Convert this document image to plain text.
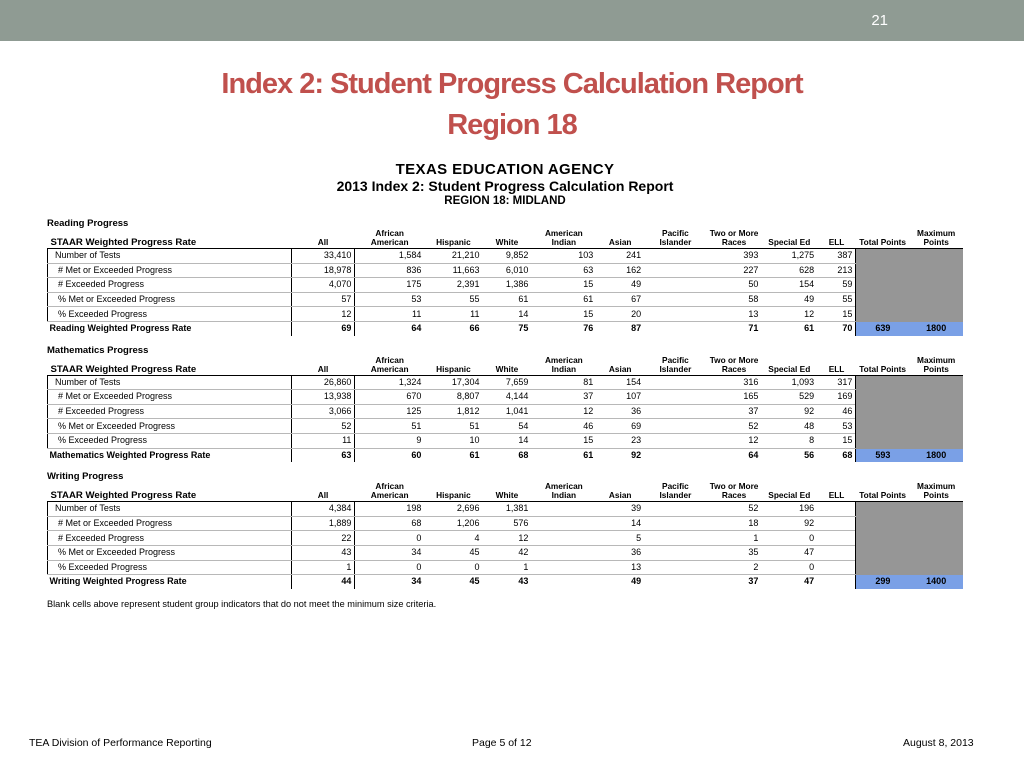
21
Index 2: Student Progress Calculation Report
Region 18
TEXAS EDUCATION AGENCY
2013 Index 2: Student Progress Calculation Report
REGION 18: MIDLAND
Reading Progress
STAAR Weighted Progress Rate	All	African American	Hispanic	White	American Indian	Asian	Pacific Islander	Two or More Races	Special Ed	ELL	Total Points	Maximum Points
Number of Tests	33,410	1,584	21,210	9,852	103	241		393	1,275	387		
# Met or Exceeded Progress	18,978	836	11,663	6,010	63	162		227	628	213		
# Exceeded Progress	4,070	175	2,391	1,386	15	49		50	154	59		
% Met or Exceeded Progress	57	53	55	61	61	67		58	49	55		
% Exceeded Progress	12	11	11	14	15	20		13	12	15		
Reading Weighted Progress Rate	69	64	66	75	76	87		71	61	70	639	1800
Mathematics Progress
STAAR Weighted Progress Rate	All	African American	Hispanic	White	American Indian	Asian	Pacific Islander	Two or More Races	Special Ed	ELL	Total Points	Maximum Points
Number of Tests	26,860	1,324	17,304	7,659	81	154		316	1,093	317		
# Met or Exceeded Progress	13,938	670	8,807	4,144	37	107		165	529	169		
# Exceeded Progress	3,066	125	1,812	1,041	12	36		37	92	46		
% Met or Exceeded Progress	52	51	51	54	46	69		52	48	53		
% Exceeded Progress	11	9	10	14	15	23		12	8	15		
Mathematics Weighted Progress Rate	63	60	61	68	61	92		64	56	68	593	1800
Writing Progress
STAAR Weighted Progress Rate	All	African American	Hispanic	White	American Indian	Asian	Pacific Islander	Two or More Races	Special Ed	ELL	Total Points	Maximum Points
Number of Tests	4,384	198	2,696	1,381		39		52	196			
# Met or Exceeded Progress	1,889	68	1,206	576		14		18	92			
# Exceeded Progress	22	0	4	12		5		1	0			
% Met or Exceeded Progress	43	34	45	42		36		35	47			
% Exceeded Progress	1	0	0	1		13		2	0			
Writing Weighted Progress Rate	44	34	45	43		49		37	47		299	1400
Blank cells above represent student group indicators that do not meet the minimum size criteria.
TEA Division of Performance Reporting	Page 5 of 12	August 8, 2013
